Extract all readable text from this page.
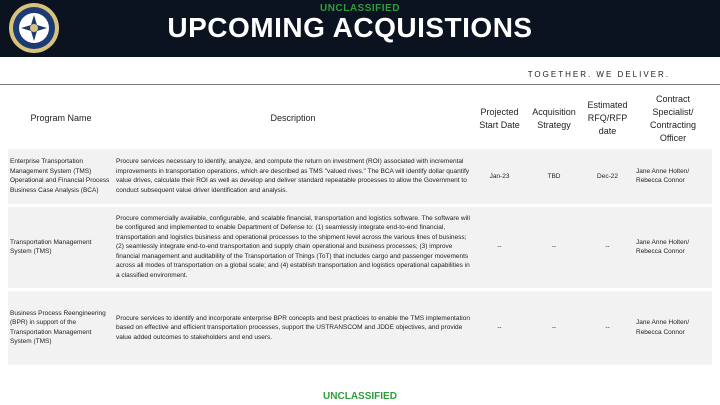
UNCLASSIFIED
UPCOMING ACQUISTIONS
TOGETHER. WE DELIVER.
Program Name	Description	Projected Start Date	Acquisition Strategy	Estimated RFQ/RFP date	Contract Specialist/ Contracting Officer
Enterprise Transportation Management System (TMS) Operational and Financial Process Business Case Analysis (BCA)	Procure services necessary to identify, analyze, and compute the return on investment (ROI) associated with incremental improvements in transportation operations, which are described as TMS "valued rives." The BCA will identify dollar quantify value drives, calculate their ROI as well as develop and deliver standard repeatable processes to allow the Government to conduct subsequent value driver identification and analysis.	Jan-23	TBD	Dec-22	Jane Anne Holten/ Rebecca Connor
Transportation Management System (TMS)	Procure commercially available, configurable, and scalable financial, transportation and logistics software. The software will be configured and implemented to enable Department of Defense to: (1) seamlessly integrate end-to-end financial, transportation and logistics business and operational processes to the shipment level across the various lines of business; (2) seamlessly integrate end-to-end transportation and supply chain operational and business processes; (3) improve financial management and auditability of the Transportation of Things (ToT) that includes cargo and passenger movements across all modes of transportation on a global scale; and (4) establish transportation and logistics operational capabilities in a classified environment.	--	--	--	Jane Anne Holten/ Rebecca Connor
Business Process Reengineering (BPR) in support of the Transportation Management System (TMS)	Procure services to identify and incorporate enterprise BPR concepts and best practices to enable the TMS implementation based on effective and efficient transportation processes, support the USTRANSCOM and JDDE objectives, and provide value added outcomes to stakeholders and end users.	--	--	--	Jane Anne Holten/ Rebecca Connor
UNCLASSIFIED
